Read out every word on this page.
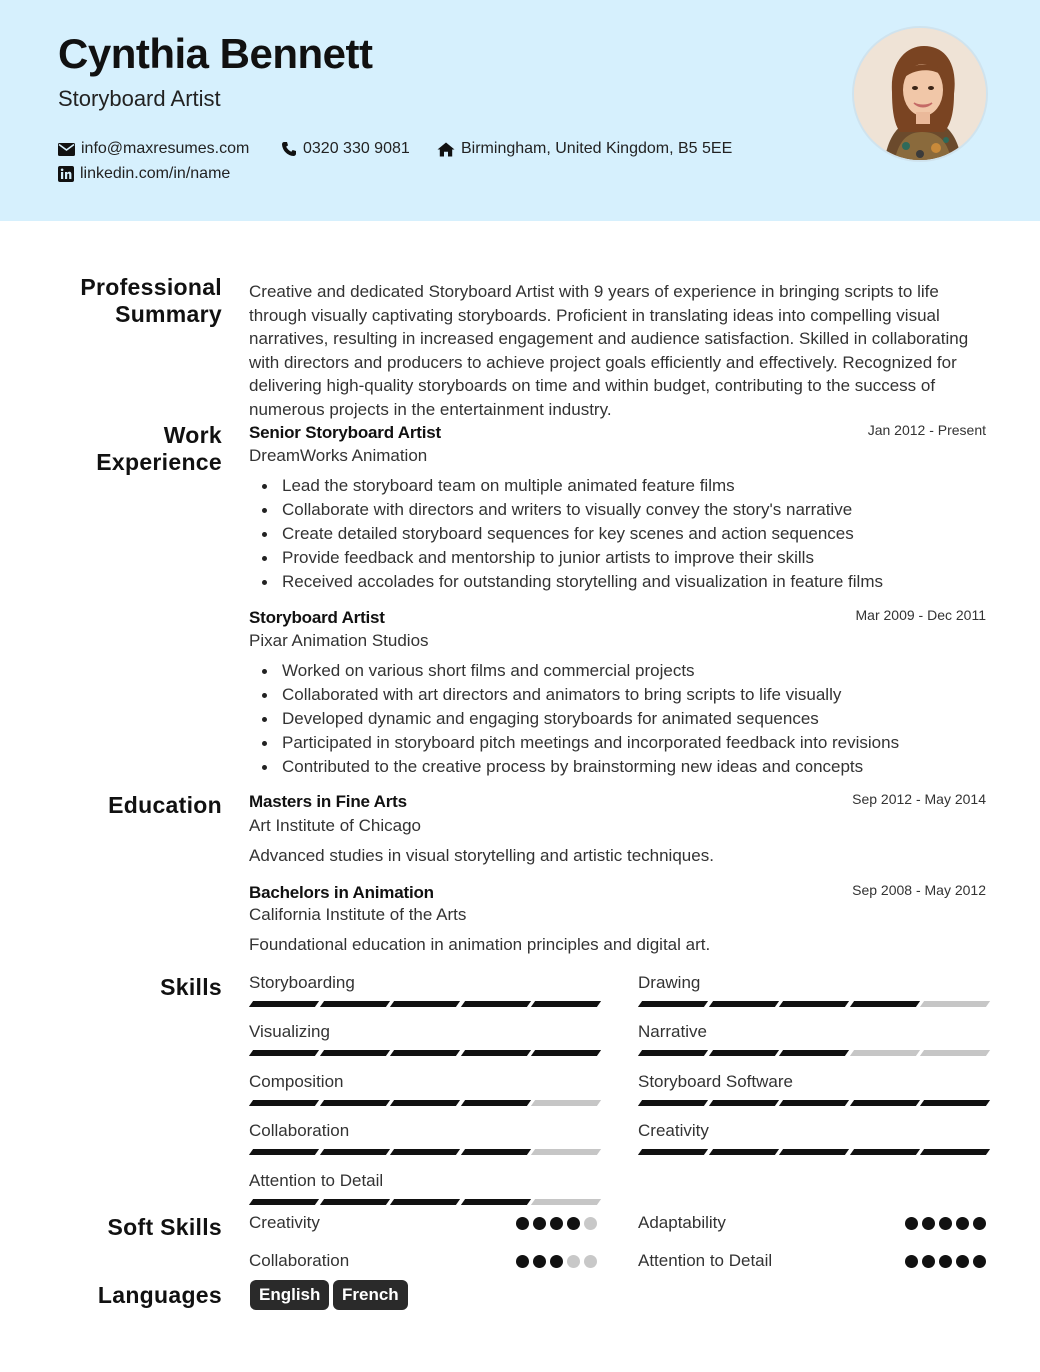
Cynthia Bennett
Storyboard Artist
info@maxresumes.com	0320 330 9081	Birmingham, United Kingdom, B5 5EE
linkedin.com/in/name
Professional
Summary
Creative and dedicated Storyboard Artist with 9 years of experience in bringing scripts to life through visually captivating storyboards. Proficient in translating ideas into compelling visual narratives, resulting in increased engagement and audience satisfaction. Skilled in collaborating with directors and producers to achieve project goals efficiently and effectively. Recognized for delivering high-quality storyboards on time and within budget, contributing to the success of numerous projects in the entertainment industry.
Work
Experience
Senior Storyboard Artist	Jan 2012 - Present
DreamWorks Animation
Lead the storyboard team on multiple animated feature films
Collaborate with directors and writers to visually convey the story's narrative
Create detailed storyboard sequences for key scenes and action sequences
Provide feedback and mentorship to junior artists to improve their skills
Received accolades for outstanding storytelling and visualization in feature films
Storyboard Artist	Mar 2009 - Dec 2011
Pixar Animation Studios
Worked on various short films and commercial projects
Collaborated with art directors and animators to bring scripts to life visually
Developed dynamic and engaging storyboards for animated sequences
Participated in storyboard pitch meetings and incorporated feedback into revisions
Contributed to the creative process by brainstorming new ideas and concepts
Education Masters in Fine Arts	Sep 2012 - May 2014
Art Institute of Chicago
Advanced studies in visual storytelling and artistic techniques.
Bachelors in Animation	Sep 2008 - May 2012
California Institute of the Arts
Foundational education in animation principles and digital art.
Skills Storyboarding	Drawing
Visualizing	Narrative
Composition	Storyboard Software
Collaboration	Creativity
Attention to Detail
Soft Skills Creativity	Adaptability
Collaboration	Attention to Detail
Languages	English	French
